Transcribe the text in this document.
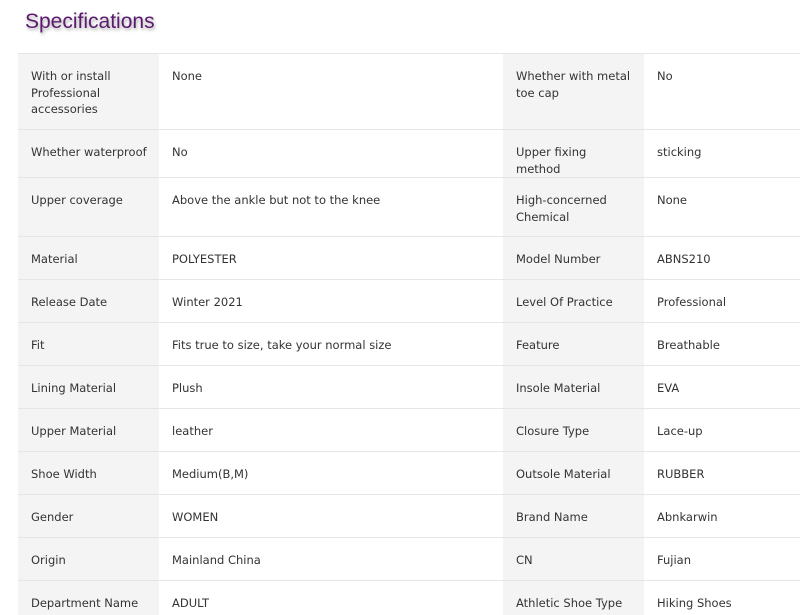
Specifications
With or install Professional accessories	None	Whether with metal toe cap	No
Whether waterproof	No	Upper fixing method	sticking
Upper coverage	Above the ankle but not to the knee	High-concerned Chemical	None
Material	POLYESTER	Model Number	ABNS210
Release Date	Winter 2021	Level Of Practice	Professional
Fit	Fits true to size, take your normal size	Feature	Breathable
Lining Material	Plush	Insole Material	EVA
Upper Material	leather	Closure Type	Lace-up
Shoe Width	Medium(B,M)	Outsole Material	RUBBER
Gender	WOMEN	Brand Name	Abnkarwin
Origin	Mainland China	CN	Fujian
Department Name	ADULT	Athletic Shoe Type	Hiking Shoes
